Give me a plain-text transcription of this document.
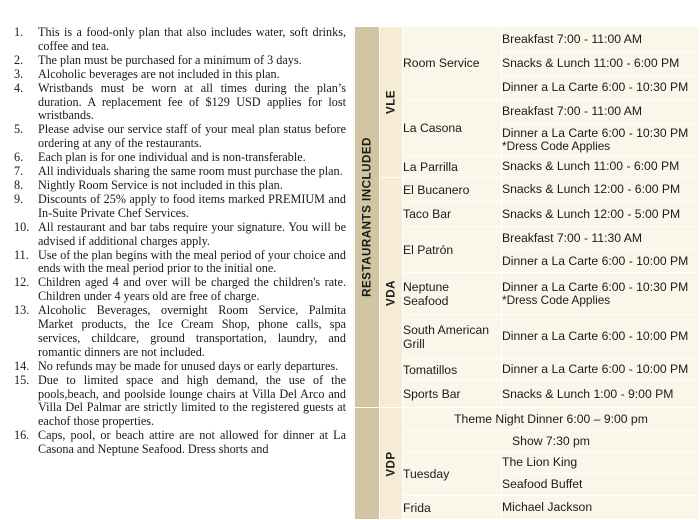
1. This is a food-only plan that also includes water, soft drinks, coffee and tea.
2. The plan must be purchased for a minimum of 3 days.
3. Alcoholic beverages are not included in this plan.
4. Wristbands must be worn at all times during the plan’s duration. A replacement fee of $129 USD applies for lost wristbands.
5. Please advise our service staff of your meal plan status before ordering at any of the restaurants.
6. Each plan is for one individual and is non-transferable.
7. All individuals sharing the same room must purchase the plan.
8. Nightly Room Service is not included in this plan.
9. Discounts of 25% apply to food items marked PREMIUM and In-Suite Private Chef Services.
10. All restaurant and bar tabs require your signature. You will be advised if additional charges apply.
11. Use of the plan begins with the meal period of your choice and ends with the meal period prior to the initial one.
12. Children aged 4 and over will be charged the children's rate. Children under 4 years old are free of charge.
13. Alcoholic Beverages, overnight Room Service, Palmita Market products, the Ice Cream Shop, phone calls, spa services, childcare, ground transportation, laundry, and romantic dinners are not included.
14. No refunds may be made for unused days or early departures.
15. Due to limited space and high demand, the use of the pools,beach, and poolside lounge chairs at Villa Del Arco and Villa Del Palmar are strictly limited to the registered guests at eachof those properties.
16. Caps, pool, or beach attire are not allowed for dinner at La Casona and Neptune Seafood. Dress shorts and
RESTAURANTS INCLUDED	VLE	Room Service	Breakfast 7:00 - 11:00 AM
			Snacks & Lunch 11:00 - 6:00 PM
			Dinner a La Carte 6:00 - 10:30 PM
		La Casona	Breakfast 7:00 - 11:00 AM
			Dinner a La Carte 6:00 - 10:30 PM
*Dress Code Applies

		La Parrilla	Snacks & Lunch 11:00 - 6:00 PM

	VDA	El Bucanero	Snacks & Lunch 12:00 - 6:00 PM
		Taco Bar	Snacks & Lunch 12:00 - 5:00 PM
		El Patrón	Breakfast 7:00 - 11:30 AM
			Dinner a La Carte 6:00 - 10:00 PM
		Neptune
Seafood	Dinner a La Carte 6:00 - 10:30 PM
*Dress Code Applies

		South American Grill	Dinner a La Carte 6:00 - 10:00 PM
		Tomatillos	Dinner a La Carte 6:00 - 10:00 PM
		Sports Bar	Snacks & Lunch 1:00 - 9:00 PM

	VDP	Theme Night Dinner 6:00 – 9:00 pm	
		Show 7:30 pm	
		Tuesday	The Lion King
			Seafood Buffet
		Frida	Michael Jackson
